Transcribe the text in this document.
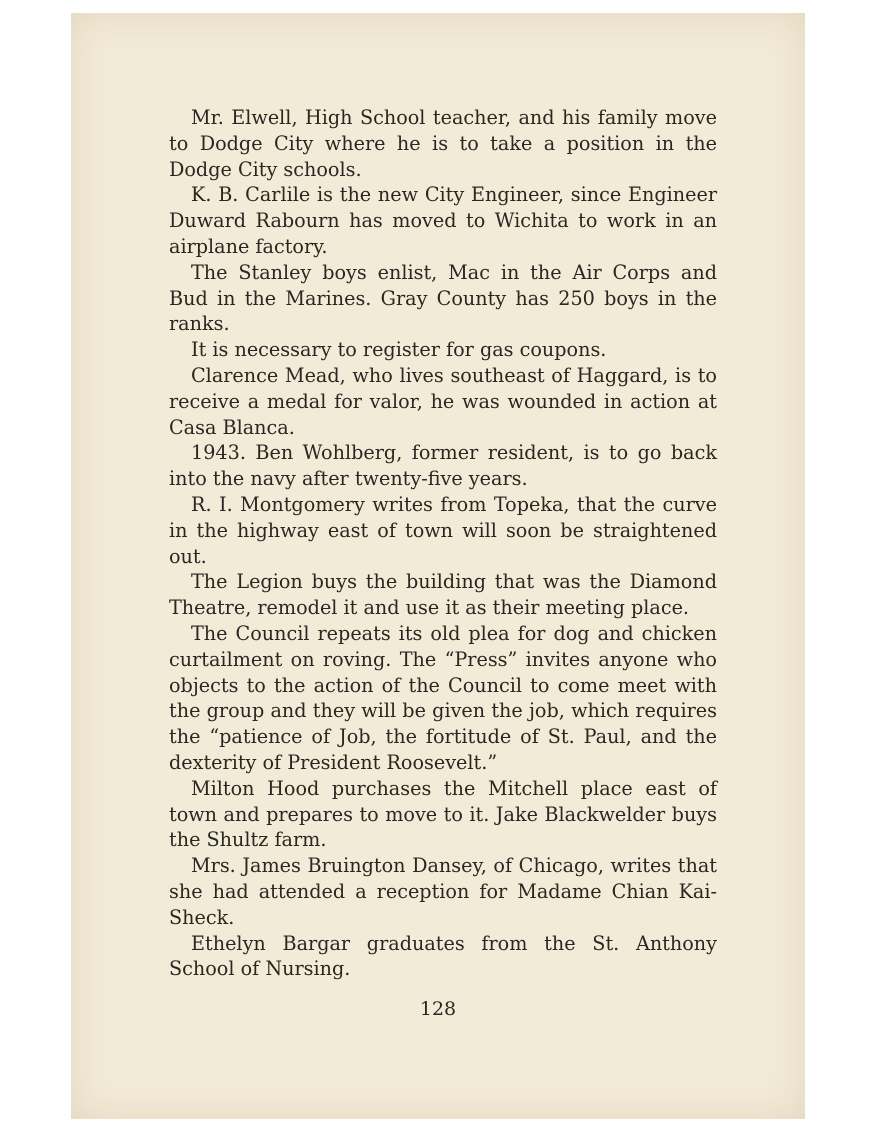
Mr. Elwell, High School teacher, and his family move to Dodge City where he is to take a position in the Dodge City schools.

K. B. Carlile is the new City Engineer, since Engineer Duward Rabourn has moved to Wichita to work in an airplane factory.

The Stanley boys enlist, Mac in the Air Corps and Bud in the Marines. Gray County has 250 boys in the ranks.

It is necessary to register for gas coupons.

Clarence Mead, who lives southeast of Haggard, is to receive a medal for valor, he was wounded in action at Casa Blanca.

1943. Ben Wohlberg, former resident, is to go back into the navy after twenty-five years.

R. I. Montgomery writes from Topeka, that the curve in the highway east of town will soon be straightened out.

The Legion buys the building that was the Diamond Theatre, remodel it and use it as their meeting place.

The Council repeats its old plea for dog and chicken curtailment on roving. The “Press” invites anyone who objects to the action of the Council to come meet with the group and they will be given the job, which requires the “patience of Job, the fortitude of St. Paul, and the dexterity of President Roosevelt.”

Milton Hood purchases the Mitchell place east of town and prepares to move to it. Jake Blackwelder buys the Shultz farm.

Mrs. James Bruington Dansey, of Chicago, writes that she had attended a reception for Madame Chian Kai-Sheck.

Ethelyn Bargar graduates from the St. Anthony School of Nursing.

128
